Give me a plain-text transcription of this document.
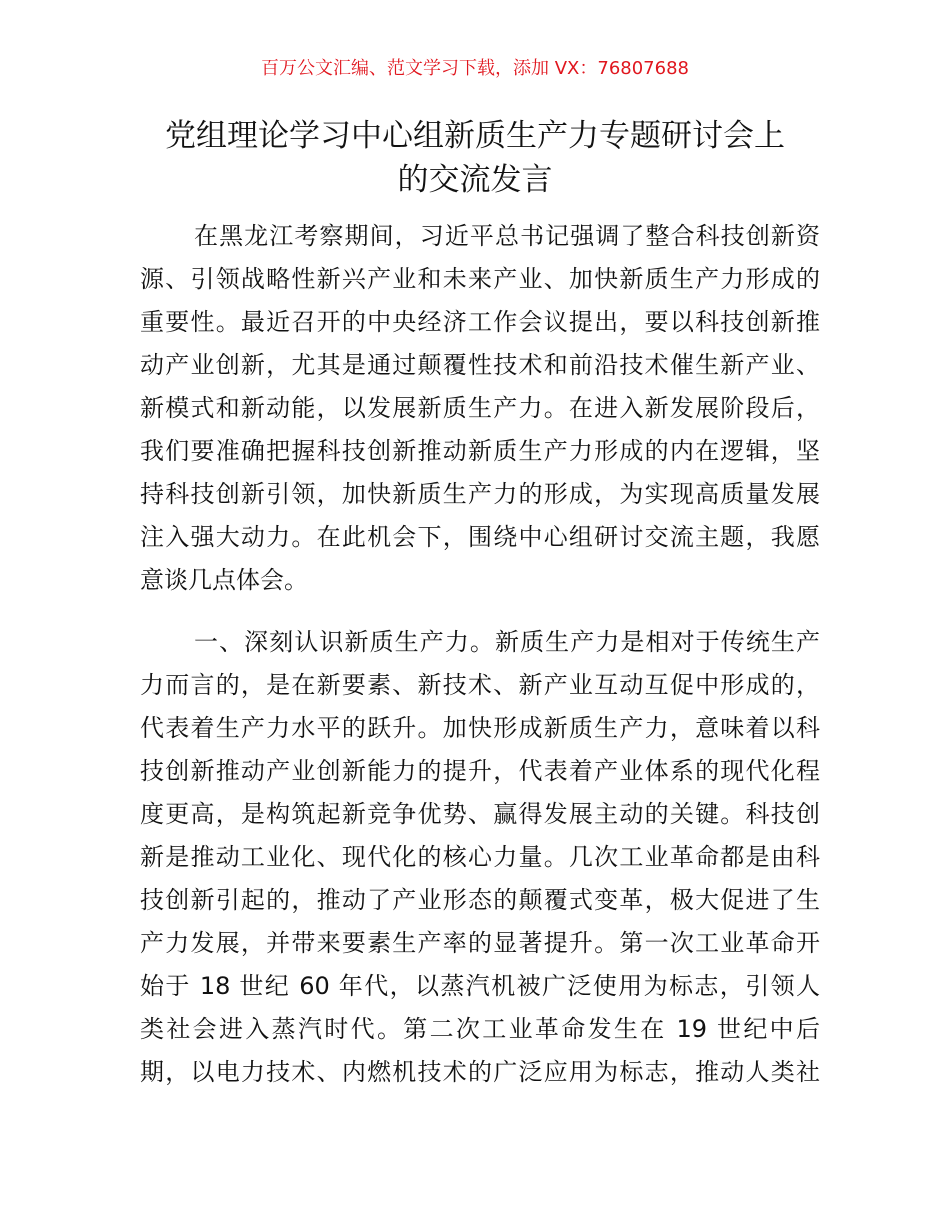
百万公文汇编、范文学习下载，添加 VX：76807688
党组理论学习中心组新质生产力专题研讨会上
的交流发言
在黑龙江考察期间，习近平总书记强调了整合科技创新资
源、引领战略性新兴产业和未来产业、加快新质生产力形成的
重要性。最近召开的中央经济工作会议提出，要以科技创新推
动产业创新，尤其是通过颠覆性技术和前沿技术催生新产业、
新模式和新动能，以发展新质生产力。在进入新发展阶段后，
我们要准确把握科技创新推动新质生产力形成的内在逻辑，坚
持科技创新引领，加快新质生产力的形成，为实现高质量发展
注入强大动力。在此机会下，围绕中心组研讨交流主题，我愿
意谈几点体会。
一、深刻认识新质生产力。新质生产力是相对于传统生产
力而言的，是在新要素、新技术、新产业互动互促中形成的，
代表着生产力水平的跃升。加快形成新质生产力，意味着以科
技创新推动产业创新能力的提升，代表着产业体系的现代化程
度更高，是构筑起新竞争优势、赢得发展主动的关键。科技创
新是推动工业化、现代化的核心力量。几次工业革命都是由科
技创新引起的，推动了产业形态的颠覆式变革，极大促进了生
产力发展，并带来要素生产率的显著提升。第一次工业革命开
始于 18 世纪 60 年代，以蒸汽机被广泛使用为标志，引领人
类社会进入蒸汽时代。第二次工业革命发生在 19 世纪中后
期，以电力技术、内燃机技术的广泛应用为标志，推动人类社
